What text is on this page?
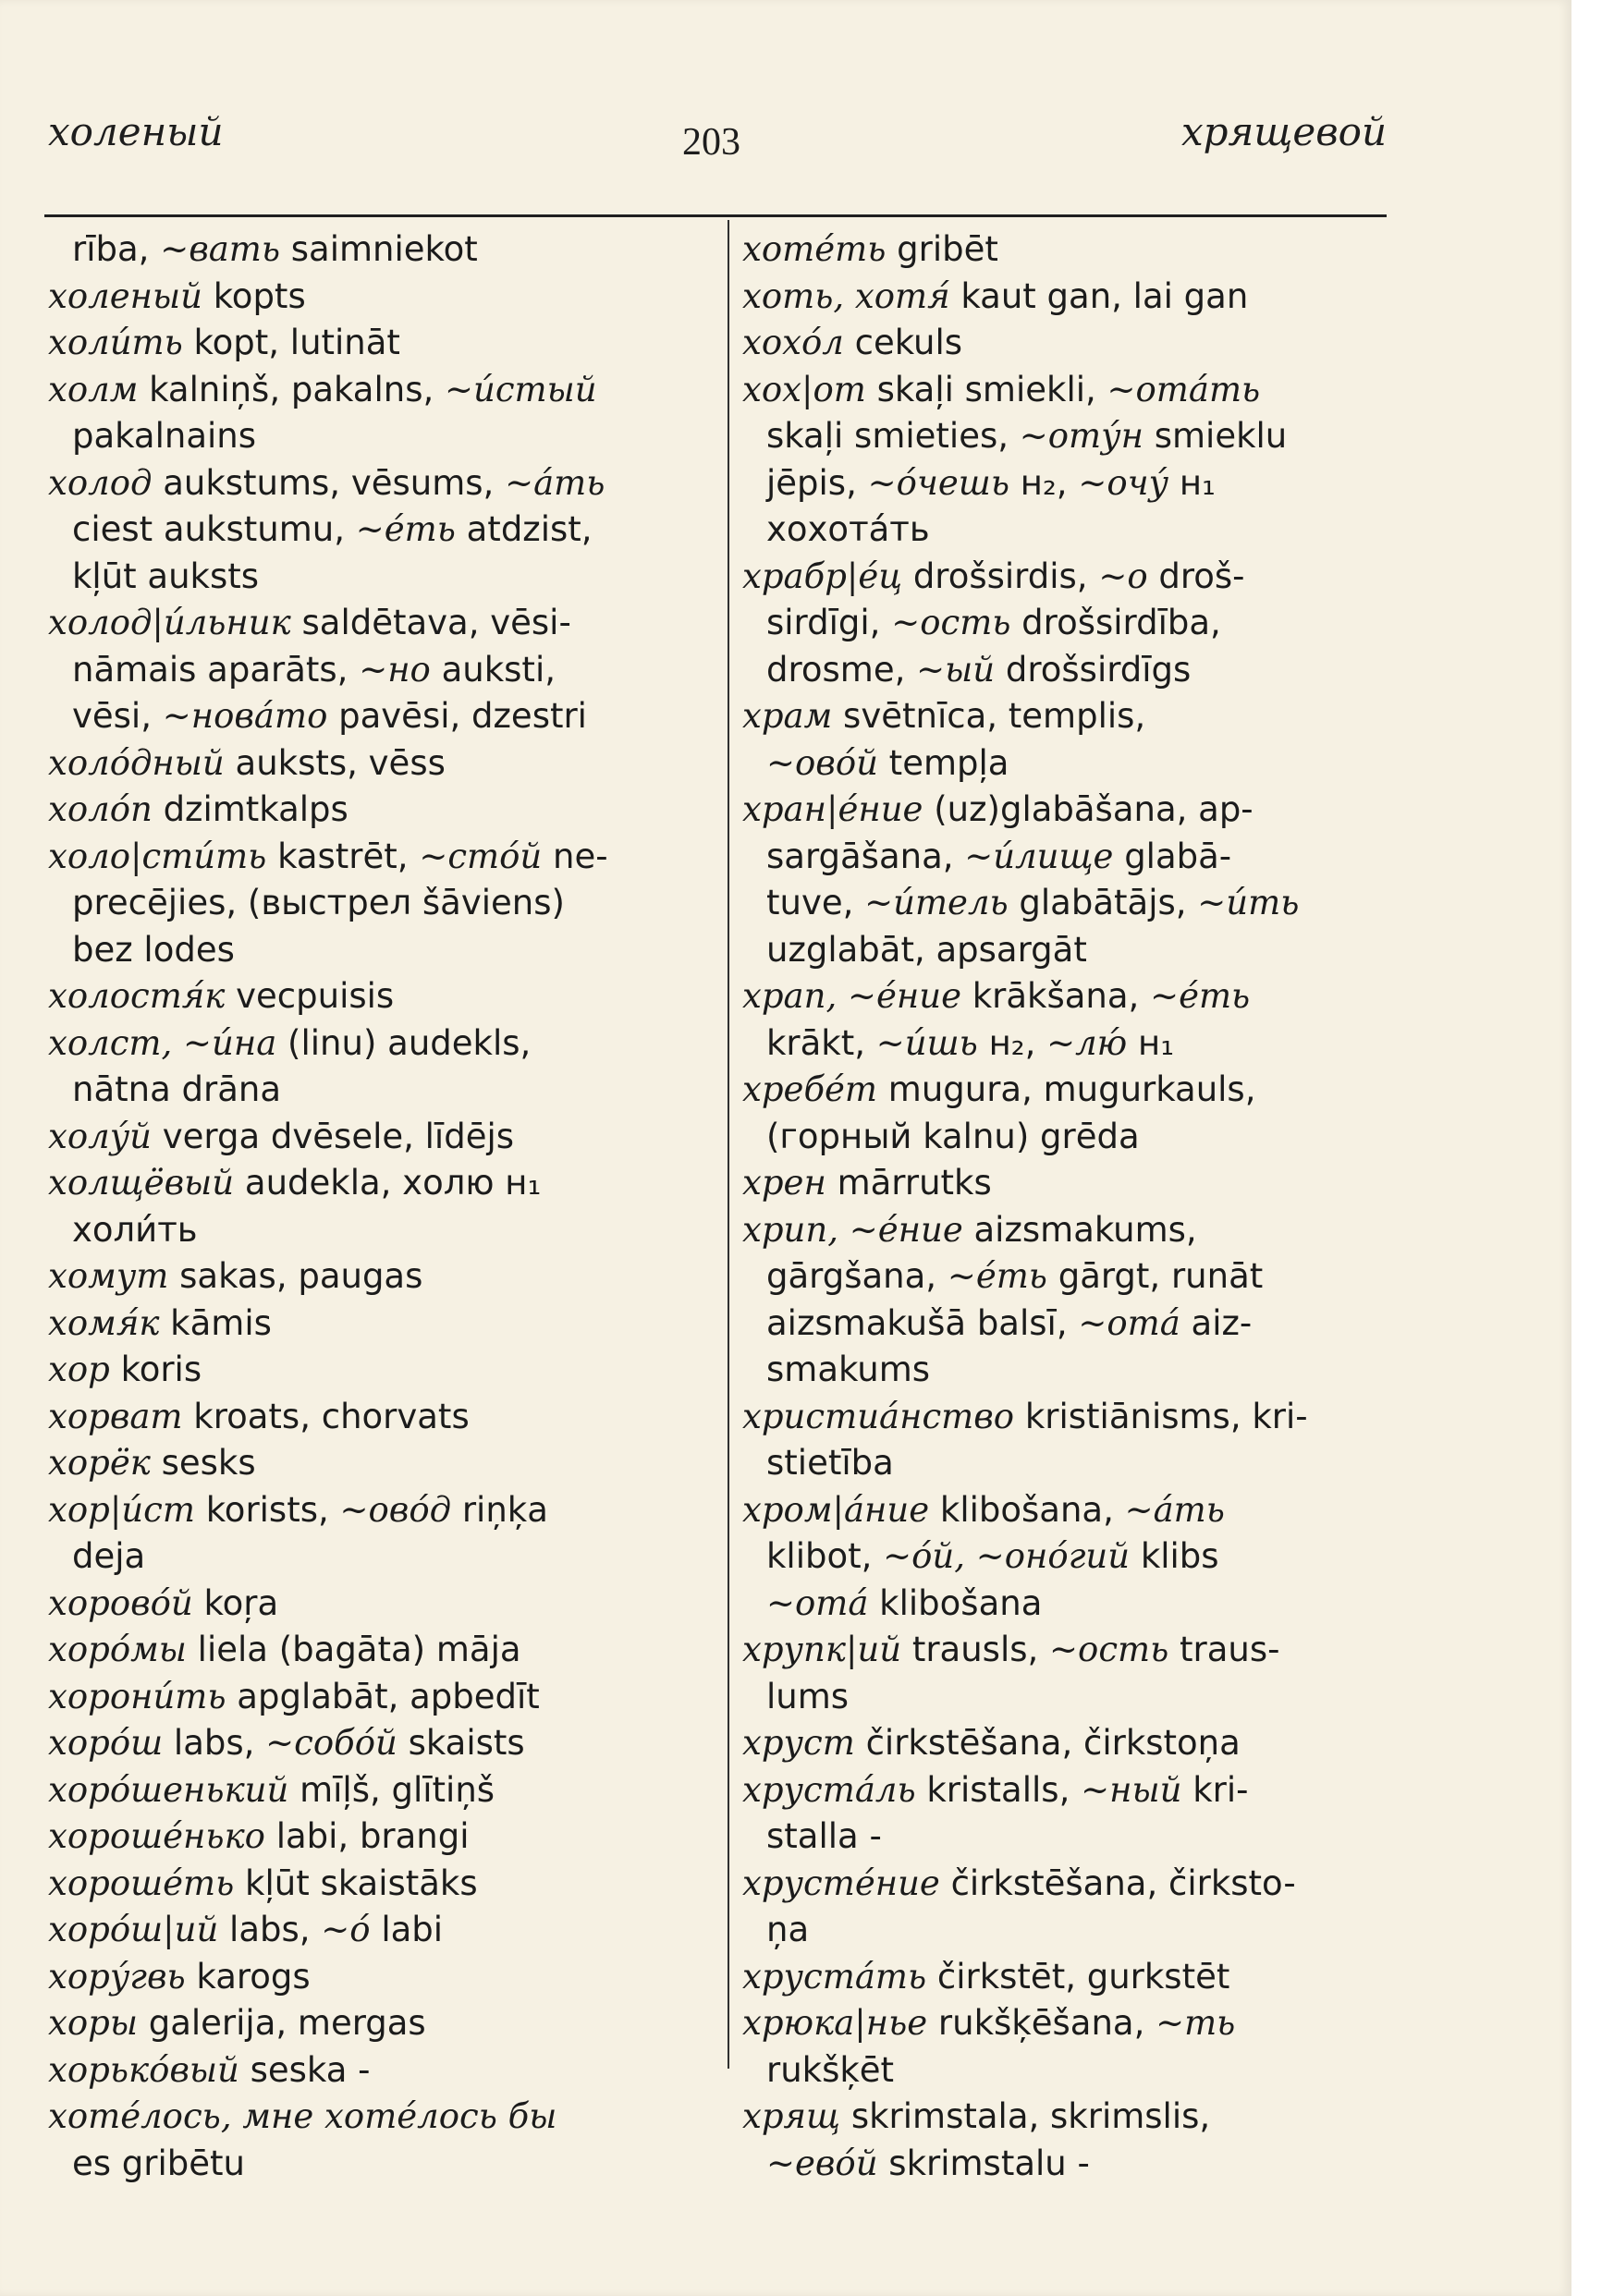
холеный	203	хрящевой
rība, ~вать saimniekot
холеный kopts
холи́ть kopt, lutināt
холм kalniņš, pakalns, ~и́стый
pakalnains
холод aukstums, vēsums, ~а́ть
ciest aukstumu, ~е́ть atdzist,
kļūt auksts
холод|и́льник saldētava, vēsi-
nāmais aparāts, ~но auksti,
vēsi, ~нова́то pavēsi, dzestri
холо́дный auksts, vēss
холо́п dzimtkalps
холо|сти́ть kastrēt, ~сто́й ne-
precējies, (выстрел šāviens)
bez lodes
холостя́к vecpuisis
холст, ~и́на (linu) audekls,
nātna drāna
холу́й verga dvēsele, līdējs
холщёвый audekla, холю н₁
холи́ть
хомут sakas, paugas
хомя́к kāmis
хор koris
хорват kroats, chorvats
хорёк sesks
хор|и́ст korists, ~ово́д riņķa
deja
хорово́й koŗa
хоро́мы liela (bagāta) māja
хорони́ть apglabāt, apbedīt
хоро́ш labs, ~собо́й skaists
хоро́шенький mīļš, glītiņš
хороше́нько labi, brangi
хороше́ть kļūt skaistāks
хоро́ш|ий labs, ~о́ labi
хору́гвь karogs
хоры galerija, mergas
хорько́вый seska -
хоте́лось, мне хоте́лось бы
es gribētu
хоте́ть gribēt
хоть, хотя́ kaut gan, lai gan
хохо́л cekuls
хох|от skaļi smiekli, ~ота́ть
skaļi smieties, ~оту́н smieklu
jēpis, ~о́чешь н₂, ~очу́ н₁
хохота́ть
храбр|е́ц drošsirdis, ~о droš-
sirdīgi, ~ость drošsirdība,
drosme, ~ый drošsirdīgs
храм svētnīca, templis,
~ово́й tempļa
хран|е́ние (uz)glabāšana, ap-
sargāšana, ~и́лище glabā-
tuve, ~и́тель glabātājs, ~и́ть
uzglabāt, apsargāt
храп, ~е́ние krākšana, ~е́ть
krākt, ~и́шь н₂, ~лю́ н₁
хребе́т mugura, mugurkauls,
(горный kalnu) grēda
хрен mārrutks
хрип, ~е́ние aizsmakums,
gārgšana, ~е́ть gārgt, runāt
aizsmakušā balsī, ~ота́ aiz-
smakums
христиа́нство kristiānisms, kri-
stietība
хром|а́ние klibošana, ~а́ть
klibot, ~о́й, ~оно́гий klibs
~ота́ klibošana
хрупк|ий trausls, ~ость traus-
lums
хруст čirkstēšana, čirkstoņa
хруста́ль kristalls, ~ный kri-
stalla -
хрусте́ние čirkstēšana, čirksto-
ņa
хруста́ть čirkstēt, gurkstēt
хрюка|нье rukšķēšana, ~ть
rukšķēt
хрящ skrimstala, skrimslis,
~ево́й skrimstalu -
